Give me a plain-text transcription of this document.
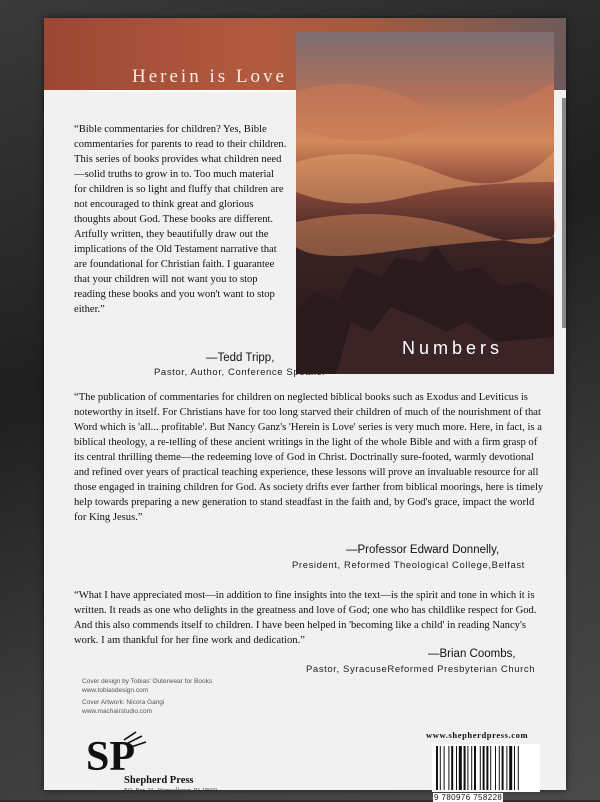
Herein is Love
Numbers
“Bible commentaries for children? Yes, Bible commentaries for parents to read to their children. This series of books provides what children need—solid truths to grow in to. Too much material for children is so light and fluffy that children are not encouraged to think great and glorious thoughts about God. These books are different. Artfully written, they beautifully draw out the implications of the Old Testament narrative that are foundational for Christian faith. I guarantee that your children will not want you to stop reading these books and you won't want to stop either.”
—Tedd Tripp,
Pastor, Author, Conference Speaker
“The publication of commentaries for children on neglected biblical books such as Exodus and Leviticus is noteworthy in itself. For Christians have for too long starved their children of much of the nourishment of that Word which is 'all... profitable'. But Nancy Ganz's 'Herein is Love' series is very much more. Here, in fact, is a biblical theology, a re-telling of these ancient writings in the light of the whole Bible and with a firm grasp of its central thrilling theme—the redeeming love of God in Christ. Doctrinally sure-footed, warmly devotional and refined over years of practical teaching experience, these lessons will prove an invaluable resource for all those engaged in training children for God. As society drifts ever farther from biblical moorings, here is timely help towards preparing a new generation to stand steadfast in the faith and, by God's grace, impact the world for King Jesus.”
—Professor Edward Donnelly,
President, Reformed Theological College,Belfast
“What I have appreciated most—in addition to fine insights into the text—is the spirit and tone in which it is written. It reads as one who delights in the greatness and love of God; one who has childlike respect for God. And this also commends itself to children. I have been helped in 'becoming like a child' in reading Nancy's work. I am thankful for her fine work and dedication.”
—Brian Coombs,
Pastor, SyracuseReformed Presbyterian Church
Cover design by Tobias' Outerwear for Books
www.tobiasdesign.com
Cover Artwork: Nicora Gangi
www.machairstudio.com
SP
Shepherd Press
P.O. Box 24 · Wapwallopen, PA 18660
www.shepherdpress.com
9 780976 758228
